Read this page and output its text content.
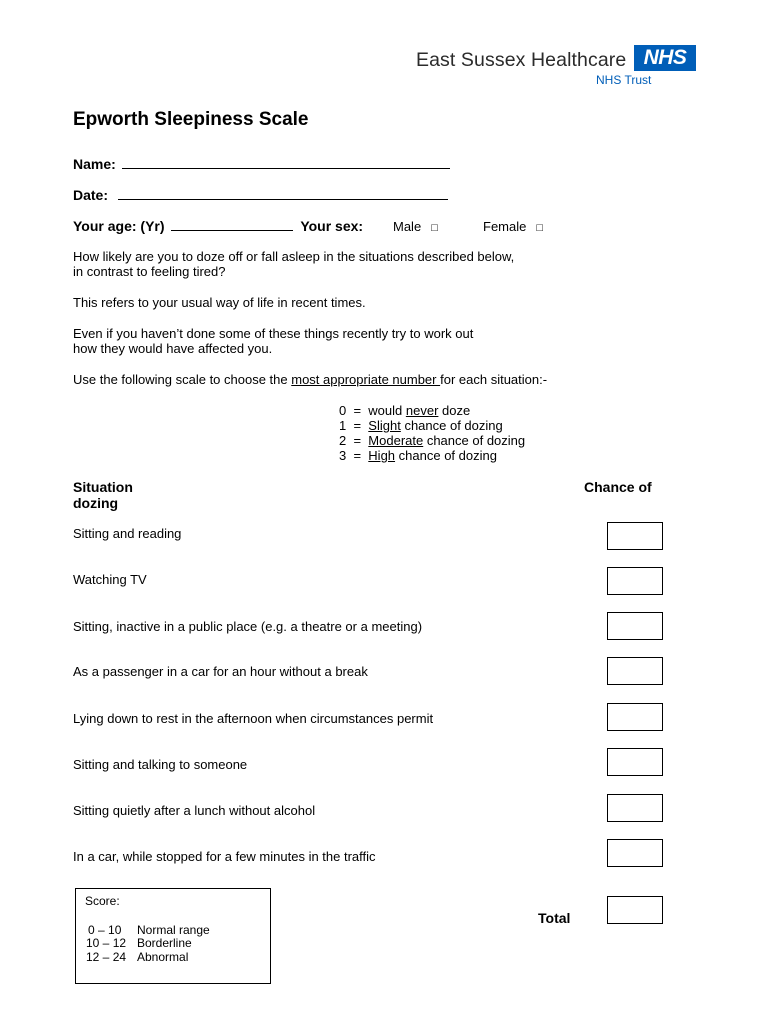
East Sussex Healthcare NHS
NHS Trust
Epworth Sleepiness Scale
Name:
Date:
Your age: (Yr)	Your sex: Male □	Female □
How likely are you to doze off or fall asleep in the situations described below,
in contrast to feeling tired?
This refers to your usual way of life in recent times.
Even if you haven’t done some of these things recently try to work out
how they would have affected you.
Use the following scale to choose the most appropriate number for each situation:-
0 = would never doze
1 = Slight chance of dozing
2 = Moderate chance of dozing
3 = High chance of dozing
Situation
dozing
Chance of
Sitting and reading
Watching TV
Sitting, inactive in a public place (e.g. a theatre or a meeting)
As a passenger in a car for an hour without a break
Lying down to rest in the afternoon when circumstances permit
Sitting and talking to someone
Sitting quietly after a lunch without alcohol
In a car, while stopped for a few minutes in the traffic
Total
Score:
0 – 10 Normal range
10 – 12 Borderline
12 – 24 Abnormal
